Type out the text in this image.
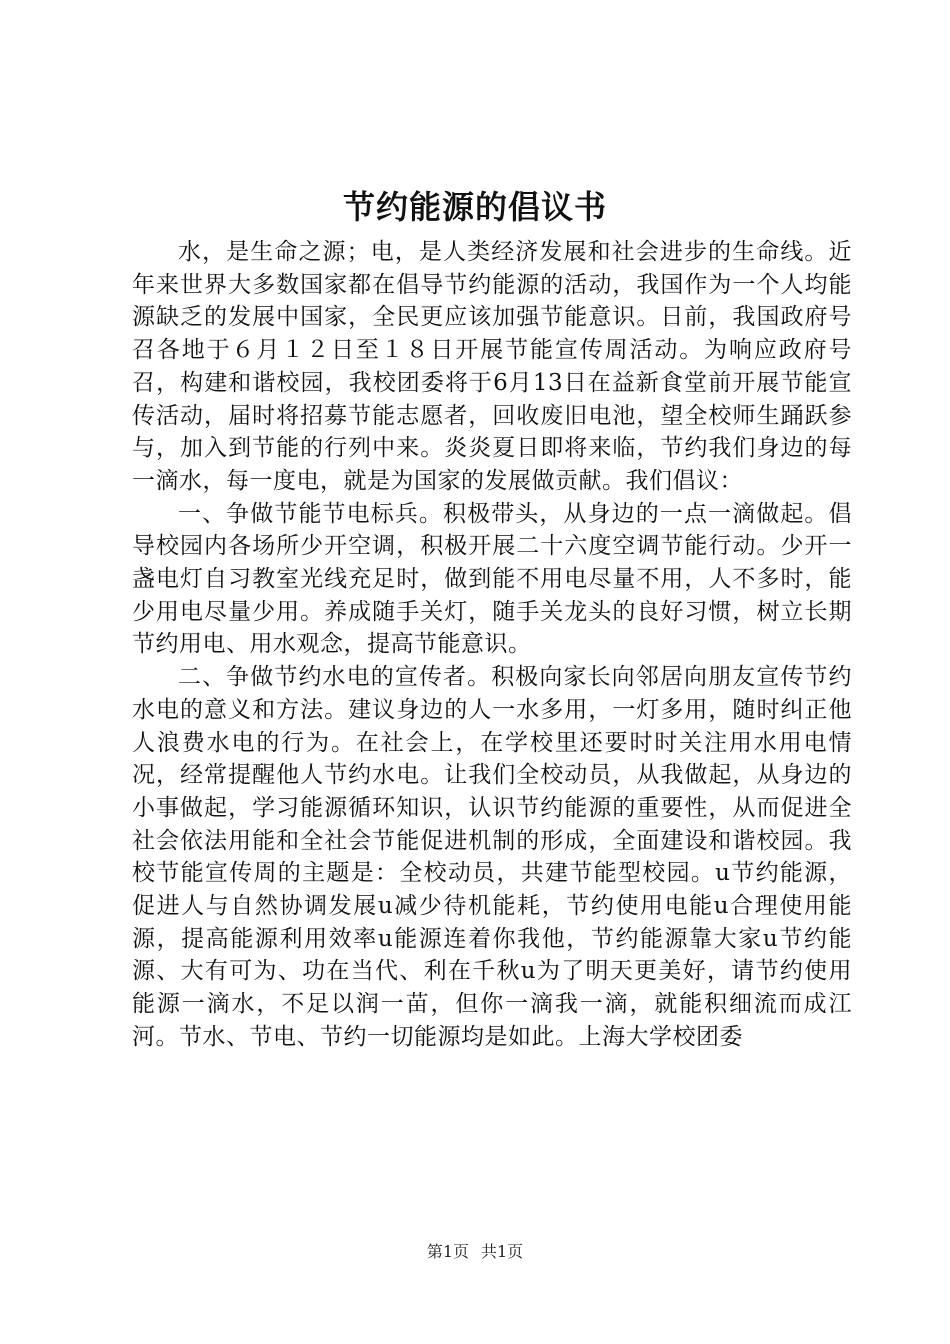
节约能源的倡议书

水，是生命之源；电，是人类经济发展和社会进步的生命线。近年来世界大多数国家都在倡导节约能源的活动，我国作为一个人均能源缺乏的发展中国家，全民更应该加强节能意识。日前，我国政府号召各地于６月１２日至１８日开展节能宣传周活动。为响应政府号召，构建和谐校园，我校团委将于6月13日在益新食堂前开展节能宣传活动，届时将招募节能志愿者，回收废旧电池，望全校师生踊跃参与，加入到节能的行列中来。炎炎夏日即将来临，节约我们身边的每一滴水，每一度电，就是为国家的发展做贡献。我们倡议：

一、争做节能节电标兵。积极带头，从身边的一点一滴做起。倡导校园内各场所少开空调，积极开展二十六度空调节能行动。少开一盏电灯自习教室光线充足时，做到能不用电尽量不用，人不多时，能少用电尽量少用。养成随手关灯，随手关龙头的良好习惯，树立长期节约用电、用水观念，提高节能意识。

二、争做节约水电的宣传者。积极向家长向邻居向朋友宣传节约水电的意义和方法。建议身边的人一水多用，一灯多用，随时纠正他人浪费水电的行为。在社会上，在学校里还要时时关注用水用电情况，经常提醒他人节约水电。让我们全校动员，从我做起，从身边的小事做起，学习能源循环知识，认识节约能源的重要性，从而促进全社会依法用能和全社会节能促进机制的形成，全面建设和谐校园。我校节能宣传周的主题是：全校动员，共建节能型校园。u节约能源，促进人与自然协调发展u减少待机能耗，节约使用电能u合理使用能源，提高能源利用效率u能源连着你我他，节约能源靠大家u节约能源、大有可为、功在当代、利在千秋u为了明天更美好，请节约使用能源一滴水，不足以润一苗，但你一滴我一滴，就能积细流而成江河。节水、节电、节约一切能源均是如此。上海大学校团委

第1页 共1页
